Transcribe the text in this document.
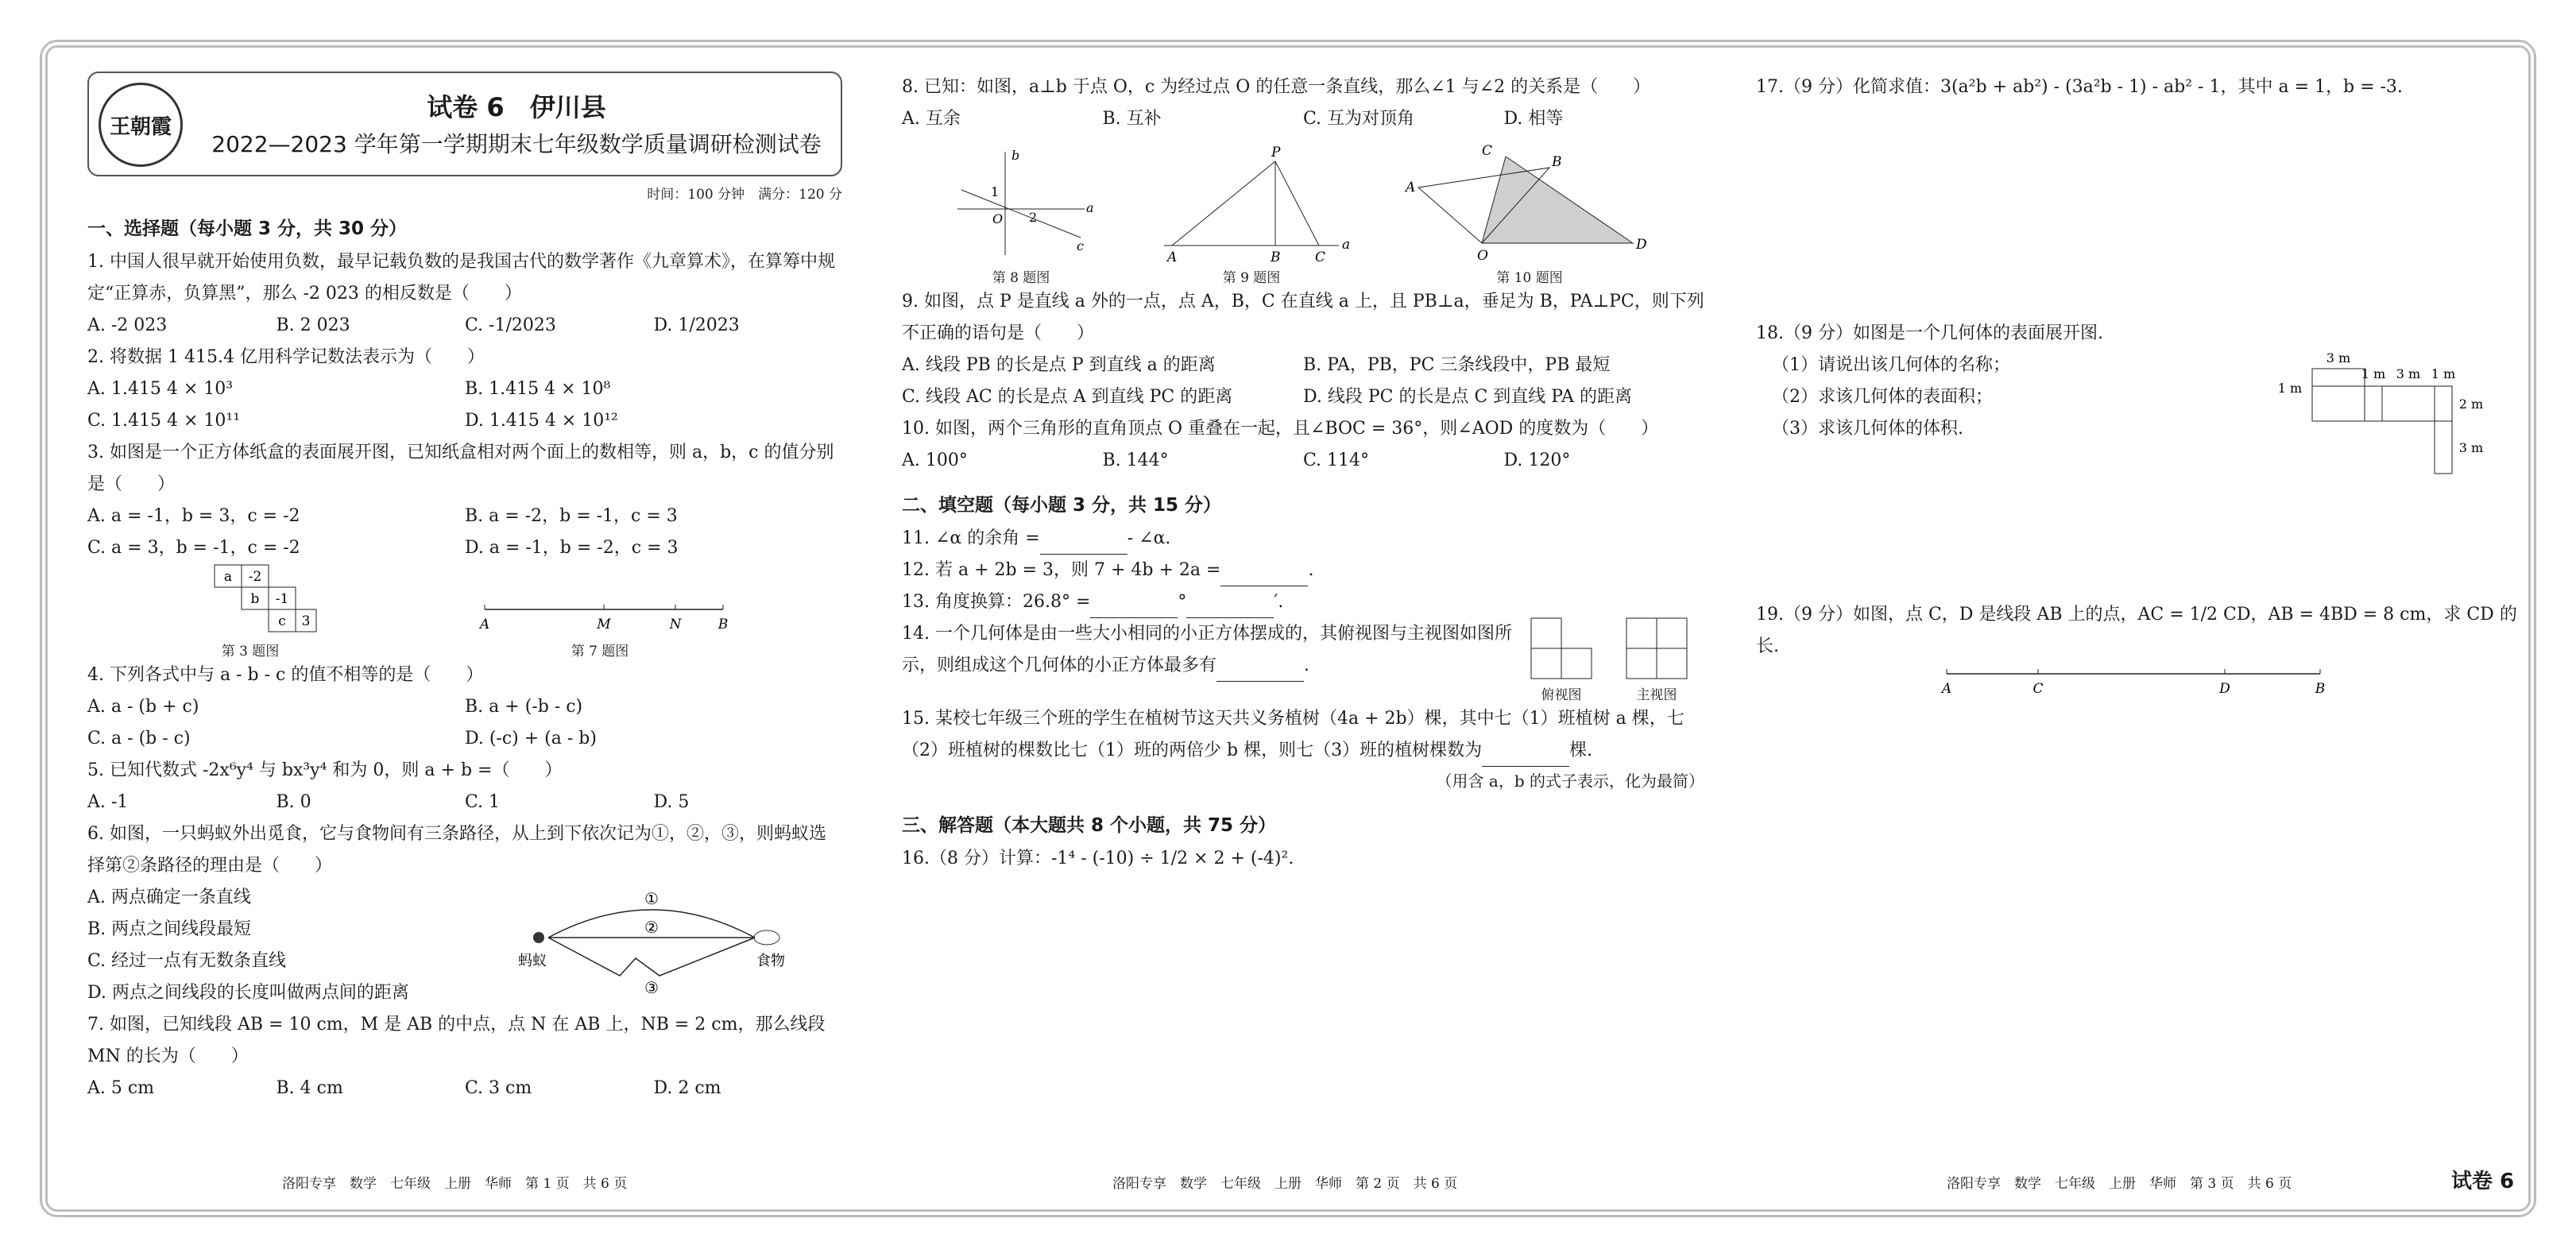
王朝霞
试卷 6　伊川县
2022—2023 学年第一学期期末七年级数学质量调研检测试卷
时间：100 分钟　满分：120 分
一、选择题（每小题 3 分，共 30 分）

1. 中国人很早就开始使用负数，最早记载负数的是我国古代的数学著作《九章算术》，在算筹中规定“正算赤，负算黑”，那么 -2 023 的相反数是（　　）

A. -2 023	B. 2 023	C. -1/2023	D. 1/2023

2. 将数据 1 415.4 亿用科学记数法表示为（　　）

A. 1.415 4 × 10³	B. 1.415 4 × 10⁸
C. 1.415 4 × 10¹¹	D. 1.415 4 × 10¹²

3. 如图是一个正方体纸盒的表面展开图，已知纸盒相对两个面上的数相等，则 a，b，c 的值分别是（　　）

A. a = -1，b = 3，c = -2	B. a = -2，b = -1，c = 3
C. a = 3，b = -1，c = -2	D. a = -1，b = -2，c = 3
a -2
b -1
c 3
第 3 题图
A	M	N	B
第 7 题图

4. 下列各式中与 a - b - c 的值不相等的是（　　）

A. a - (b + c)	B. a + (-b - c)
C. a - (b - c)	D. (-c) + (a - b)

5. 已知代数式 -2x⁶y⁴ 与 bx³y⁴ 和为 0，则 a + b =（　　）

A. -1	B. 0	C. 1	D. 5

6. 如图，一只蚂蚁外出觅食，它与食物间有三条路径，从上到下依次记为①，②，③，则蚂蚁选择第②条路径的理由是（　　）

A. 两点确定一条直线
B. 两点之间线段最短
C. 经过一点有无数条直线
D. 两点之间线段的长度叫做两点间的距离
①
②
③
蚂蚁	食物

7. 如图，已知线段 AB = 10 cm，M 是 AB 的中点，点 N 在 AB 上，NB = 2 cm，那么线段 MN 的长为（　　）

A. 5 cm	B. 4 cm	C. 3 cm	D. 2 cm

8. 已知：如图，a⊥b 于点 O，c 为经过点 O 的任意一条直线，那么∠1 与∠2 的关系是（　　）

A. 互余	B. 互补	C. 互为对顶角	D. 相等
b
1
O 2
a
c
第 8 题图
P
A	B	C
a
第 9 题图
C
B
A
O
D
第 10 题图

9. 如图，点 P 是直线 a 外的一点，点 A，B，C 在直线 a 上，且 PB⊥a，垂足为 B，PA⊥PC，则下列不正确的语句是（　　）

A. 线段 PB 的长是点 P 到直线 a 的距离	B. PA，PB，PC 三条线段中，PB 最短
C. 线段 AC 的长是点 A 到直线 PC 的距离	D. 线段 PC 的长是点 C 到直线 PA 的距离

10. 如图，两个三角形的直角顶点 O 重叠在一起，且∠BOC = 36°，则∠AOD 的度数为（　　）

A. 100°	B. 144°	C. 114°	D. 120°
二、填空题（每小题 3 分，共 15 分）

11. ∠α 的余角 =	- ∠α.

12. 若 a + 2b = 3，则 7 + 4b + 2a =	.

13. 角度换算：26.8° =	°	′.

14. 一个几何体是由一些大小相同的小正方体摆成的，其俯视图与主视图如图所示，则组成这个几何体的小正方体最多有	.

俯视图	主视图

15. 某校七年级三个班的学生在植树节这天共义务植树（4a + 2b）棵，其中七（1）班植树 a 棵，七（2）班植树的棵数比七（1）班的两倍少 b 棵，则七（3）班的植树棵数为	棵.

（用含 a，b 的式子表示，化为最简）
三、解答题（本大题共 8 个小题，共 75 分）

16.（8 分）计算：-1⁴ - (-10) ÷ 1/2 × 2 + (-4)².

17.（9 分）化简求值：3(a²b + ab²) - (3a²b - 1) - ab² - 1，其中 a = 1，b = -3.

18.（9 分）如图是一个几何体的表面展开图.

（1）请说出该几何体的名称；

（2）求该几何体的表面积；

（3）求该几何体的体积.

3 m
1 m 3 m 1 m
1 m
2 m
3 m

19.（9 分）如图，点 C，D 是线段 AB 上的点，AC = 1/2 CD，AB = 4BD = 8 cm，求 CD 的长.

A	C	D	B
洛阳专享　数学　七年级　上册　华师　第 1 页　共 6 页	洛阳专享　数学　七年级　上册　华师　第 2 页　共 6 页	洛阳专享　数学　七年级　上册　华师　第 3 页　共 6 页	试卷 6
